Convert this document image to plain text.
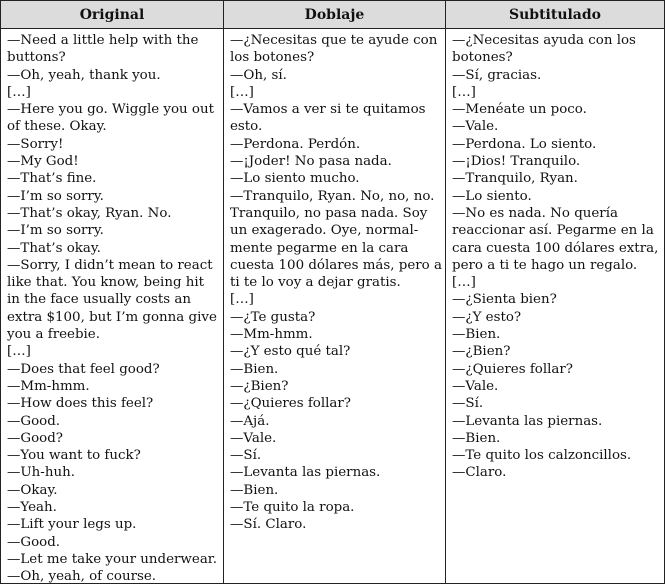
Original	Doblaje	Subtitulado
—Need a little help with the
buttons?
—Oh, yeah, thank you.
[…]
—Here you go. Wiggle you out
of these. Okay.
—Sorry!
—My God!
—That’s fine.
—I’m so sorry.
—That’s okay, Ryan. No.
—I’m so sorry.
—That’s okay.
—Sorry, I didn’t mean to react
like that. You know, being hit
in the face usually costs an
extra $100, but I’m gonna give
you a freebie.
[…]
—Does that feel good?
—Mm-hmm.
—How does this feel?
—Good.
—Good?
—You want to fuck?
—Uh-huh.
—Okay.
—Yeah.
—Lift your legs up.
—Good.
—Let me take your underwear.
—Oh, yeah, of course.
—¿Necesitas que te ayude con
los botones?
—Oh, sí.
[…]
—Vamos a ver si te quitamos
esto.
—Perdona. Perdón.
—¡Joder! No pasa nada.
—Lo siento mucho.
—Tranquilo, Ryan. No, no, no.
Tranquilo, no pasa nada. Soy
un exagerado. Oye, normal-
mente pegarme en la cara
cuesta 100 dólares más, pero a
ti te lo voy a dejar gratis.
[…]
—¿Te gusta?
—Mm-hmm.
—¿Y esto qué tal?
—Bien.
—¿Bien?
—¿Quieres follar?
—Ajá.
—Vale.
—Sí.
—Levanta las piernas.
—Bien.
—Te quito la ropa.
—Sí. Claro.
—¿Necesitas ayuda con los
botones?
—Sí, gracias.
[…]
—Menéate un poco.
—Vale.
—Perdona. Lo siento.
—¡Dios! Tranquilo.
—Tranquilo, Ryan.
—Lo siento.
—No es nada. No quería
reaccionar así. Pegarme en la
cara cuesta 100 dólares extra,
pero a ti te hago un regalo.
[…]
—¿Sienta bien?
—¿Y esto?
—Bien.
—¿Bien?
—¿Quieres follar?
—Vale.
—Sí.
—Levanta las piernas.
—Bien.
—Te quito los calzoncillos.
—Claro.
